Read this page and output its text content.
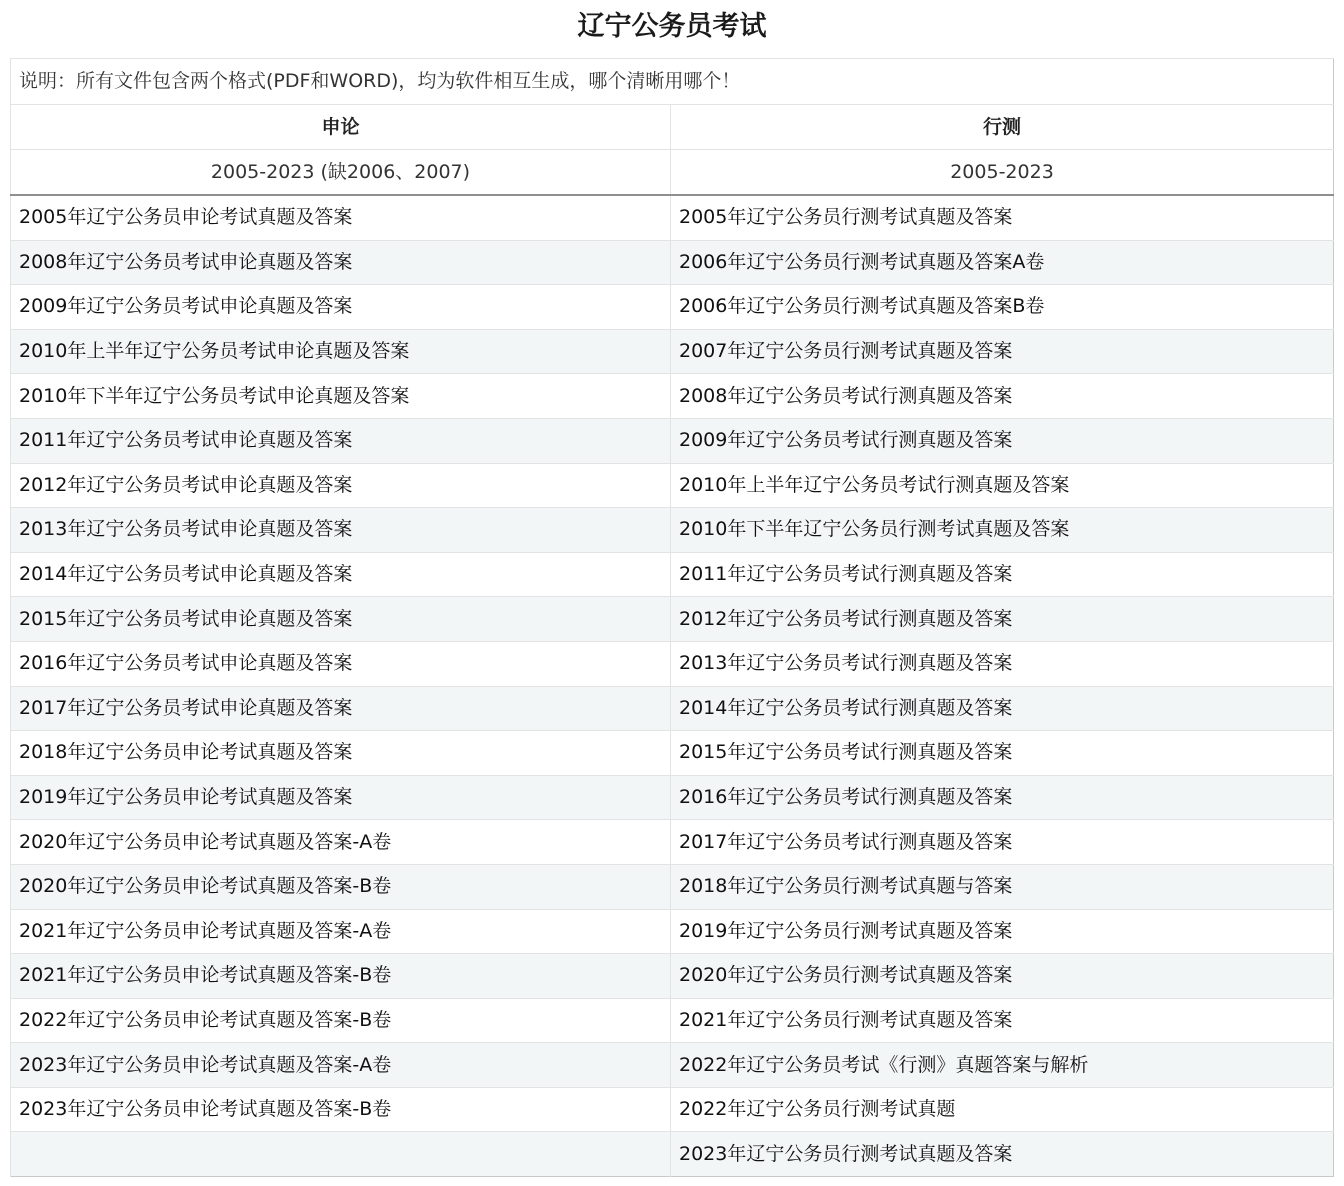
辽宁公务员考试
说明：所有文件包含两个格式(PDF和WORD)，均为软件相互生成，哪个清晰用哪个！	
申论	行测
2005-2023 (缺2006、2007)	2005-2023
2005年辽宁公务员申论考试真题及答案	2005年辽宁公务员行测考试真题及答案
2008年辽宁公务员考试申论真题及答案	2006年辽宁公务员行测考试真题及答案A卷
2009年辽宁公务员考试申论真题及答案	2006年辽宁公务员行测考试真题及答案B卷
2010年上半年辽宁公务员考试申论真题及答案	2007年辽宁公务员行测考试真题及答案
2010年下半年辽宁公务员考试申论真题及答案	2008年辽宁公务员考试行测真题及答案
2011年辽宁公务员考试申论真题及答案	2009年辽宁公务员考试行测真题及答案
2012年辽宁公务员考试申论真题及答案	2010年上半年辽宁公务员考试行测真题及答案
2013年辽宁公务员考试申论真题及答案	2010年下半年辽宁公务员行测考试真题及答案
2014年辽宁公务员考试申论真题及答案	2011年辽宁公务员考试行测真题及答案
2015年辽宁公务员考试申论真题及答案	2012年辽宁公务员考试行测真题及答案
2016年辽宁公务员考试申论真题及答案	2013年辽宁公务员考试行测真题及答案
2017年辽宁公务员考试申论真题及答案	2014年辽宁公务员考试行测真题及答案
2018年辽宁公务员申论考试真题及答案	2015年辽宁公务员考试行测真题及答案
2019年辽宁公务员申论考试真题及答案	2016年辽宁公务员考试行测真题及答案
2020年辽宁公务员申论考试真题及答案-A卷	2017年辽宁公务员考试行测真题及答案
2020年辽宁公务员申论考试真题及答案-B卷	2018年辽宁公务员行测考试真题与答案
2021年辽宁公务员申论考试真题及答案-A卷	2019年辽宁公务员行测考试真题及答案
2021年辽宁公务员申论考试真题及答案-B卷	2020年辽宁公务员行测考试真题及答案
2022年辽宁公务员申论考试真题及答案-B卷	2021年辽宁公务员行测考试真题及答案
2023年辽宁公务员申论考试真题及答案-A卷	2022年辽宁公务员考试《行测》真题答案与解析
2023年辽宁公务员申论考试真题及答案-B卷	2022年辽宁公务员行测考试真题
	2023年辽宁公务员行测考试真题及答案
